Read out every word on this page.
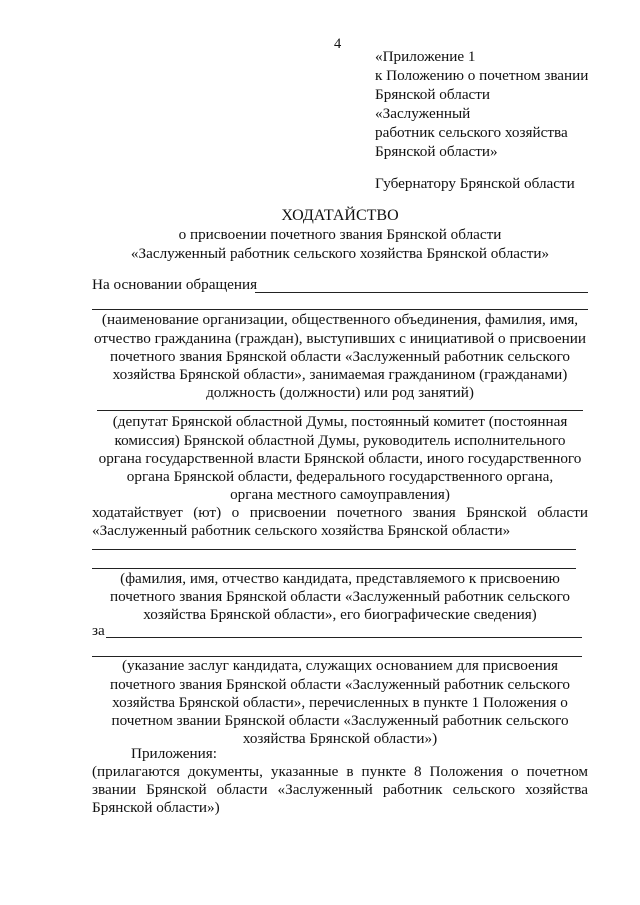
4

«Приложение 1

к Положению о почетном звании

Брянской области

«Заслуженный

работник сельского хозяйства

Брянской области»

Губернатору Брянской области

ХОДАТАЙСТВО

о присвоении почетного звания Брянской области

«Заслуженный работник сельского хозяйства Брянской области»

На основании обращения

(наименование организации, общественного объединения, фамилия, имя,

отчество гражданина (граждан), выступивших с инициативой о присвоении

почетного звания Брянской области «Заслуженный работник сельского

хозяйства Брянской области», занимаемая гражданином (гражданами)

должность (должности) или род занятий)

(депутат Брянской областной Думы, постоянный комитет (постоянная

комиссия) Брянской областной Думы, руководитель исполнительного

органа государственной власти Брянской области, иного государственного

органа Брянской области, федерального государственного органа,

органа местного самоуправления)

ходатайствует (ют) о присвоении почетного звания Брянской области

«Заслуженный работник сельского хозяйства Брянской области»

(фамилия, имя, отчество кандидата, представляемого к присвоению

почетного звания Брянской области «Заслуженный работник сельского

хозяйства Брянской области», его биографические сведения)

за

(указание заслуг кандидата, служащих основанием для присвоения

почетного звания Брянской области «Заслуженный работник сельского

хозяйства Брянской области», перечисленных в пункте 1 Положения о

почетном звании Брянской области «Заслуженный работник сельского

хозяйства Брянской области»)

Приложения:

(прилагаются документы, указанные в пункте 8 Положения о почетном

звании Брянской области «Заслуженный работник сельского хозяйства

Брянской области»)
